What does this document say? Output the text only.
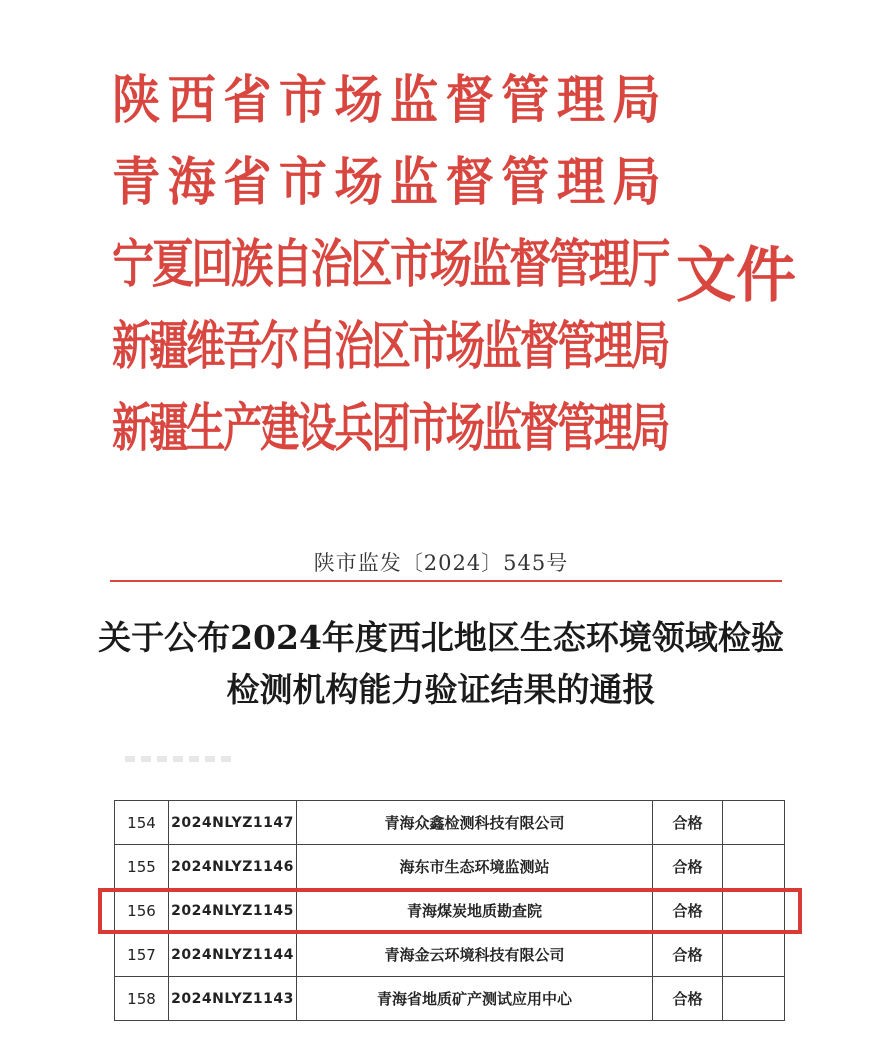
陕西省市场监督管理局
青海省市场监督管理局
宁夏回族自治区市场监督管理厅
新疆维吾尔自治区市场监督管理局
新疆生产建设兵团市场监督管理局
文件
陕市监发〔2024〕545号
关于公布2024年度西北地区生态环境领域检验
检测机构能力验证结果的通报
154	2024NLYZ1147	青海众鑫检测科技有限公司	合格	
155	2024NLYZ1146	海东市生态环境监测站	合格	
156	2024NLYZ1145	青海煤炭地质勘查院	合格	
157	2024NLYZ1144	青海金云环境科技有限公司	合格	
158	2024NLYZ1143	青海省地质矿产测试应用中心	合格	
